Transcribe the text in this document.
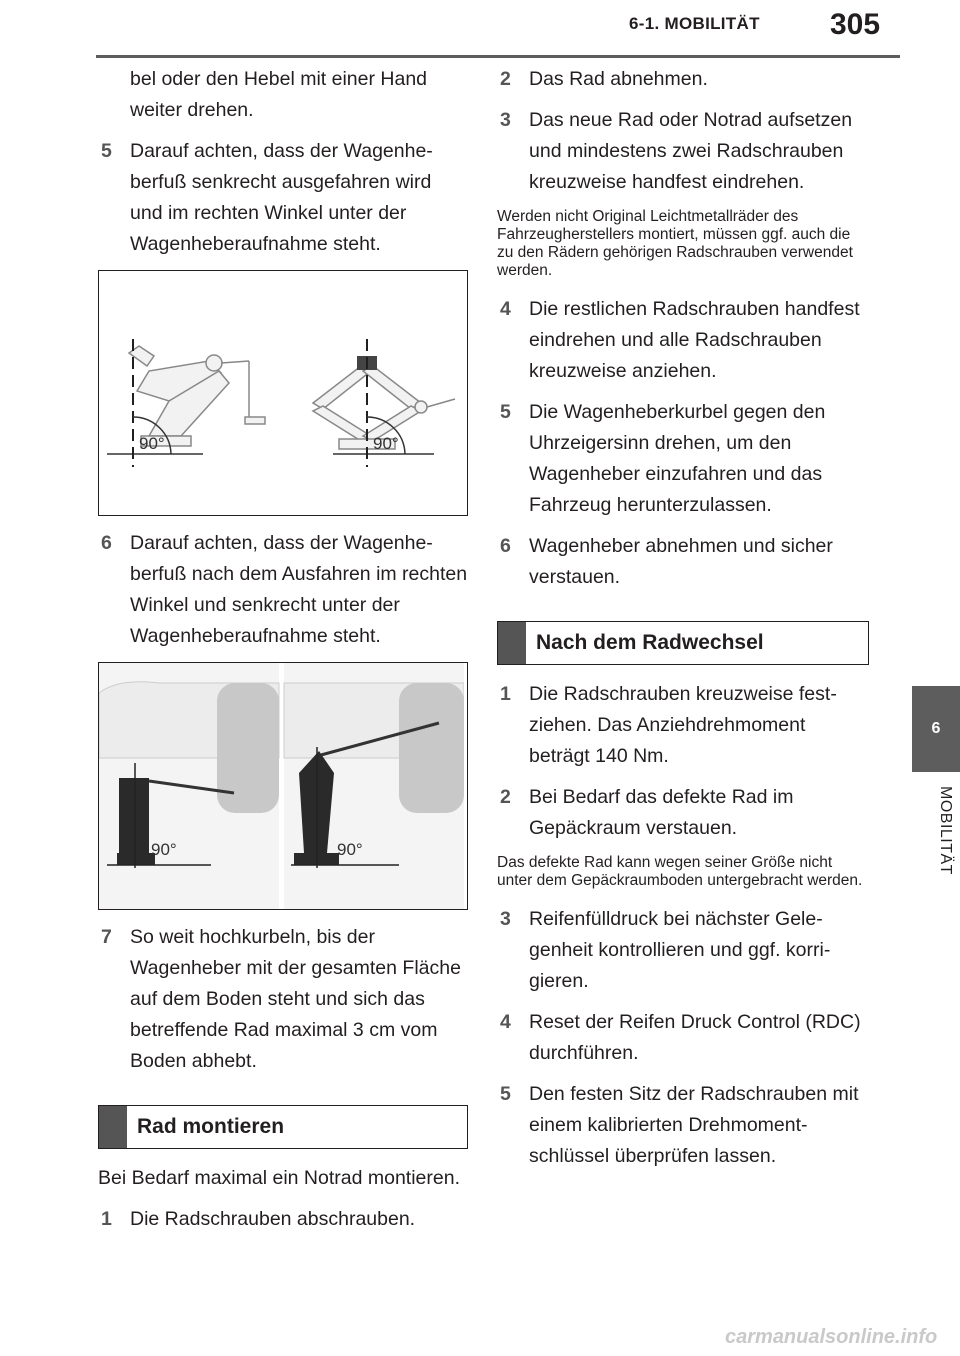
6-1. MOBILITÄT 305
6
MOBILITÄT
bel oder den Hebel mit einer Hand weiter drehen.
5 Darauf achten, dass der Wagenheberfuß senkrecht ausgefahren wird und im rechten Winkel unter der Wagenheberaufnahme steht.
90°	90°
6 Darauf achten, dass der Wagenheberfuß nach dem Ausfahren im rechten Winkel und senkrecht unter der Wagenheberaufnahme steht.
90°	90°
7 So weit hochkurbeln, bis der Wagenheber mit der gesamten Fläche auf dem Boden steht und sich das betreffende Rad maximal 3 cm vom Boden abhebt.
Rad montieren
Bei Bedarf maximal ein Notrad montieren.
1 Die Radschrauben abschrauben.
2 Das Rad abnehmen.
3 Das neue Rad oder Notrad aufsetzen und mindestens zwei Radschrauben kreuzweise handfest eindrehen.
Werden nicht Original Leichtmetallräder des Fahrzeugherstellers montiert, müssen ggf. auch die zu den Rädern gehörigen Radschrauben verwendet werden.
4 Die restlichen Radschrauben handfest eindrehen und alle Radschrauben kreuzweise anziehen.
5 Die Wagenheberkurbel gegen den Uhrzeigersinn drehen, um den Wagenheber einzufahren und das Fahrzeug herunterzulassen.
6 Wagenheber abnehmen und sicher verstauen.
Nach dem Radwechsel
1 Die Radschrauben kreuzweise festziehen. Das Anziehdrehmoment beträgt 140 Nm.
2 Bei Bedarf das defekte Rad im Gepäckraum verstauen.
Das defekte Rad kann wegen seiner Größe nicht unter dem Gepäckraumboden untergebracht werden.
3 Reifenfülldruck bei nächster Gelegenheit kontrollieren und ggf. korrigieren.
4 Reset der Reifen Druck Control (RDC) durchführen.
5 Den festen Sitz der Radschrauben mit einem kalibrierten Drehmomentschlüssel überprüfen lassen.
carmanualsonline.info
